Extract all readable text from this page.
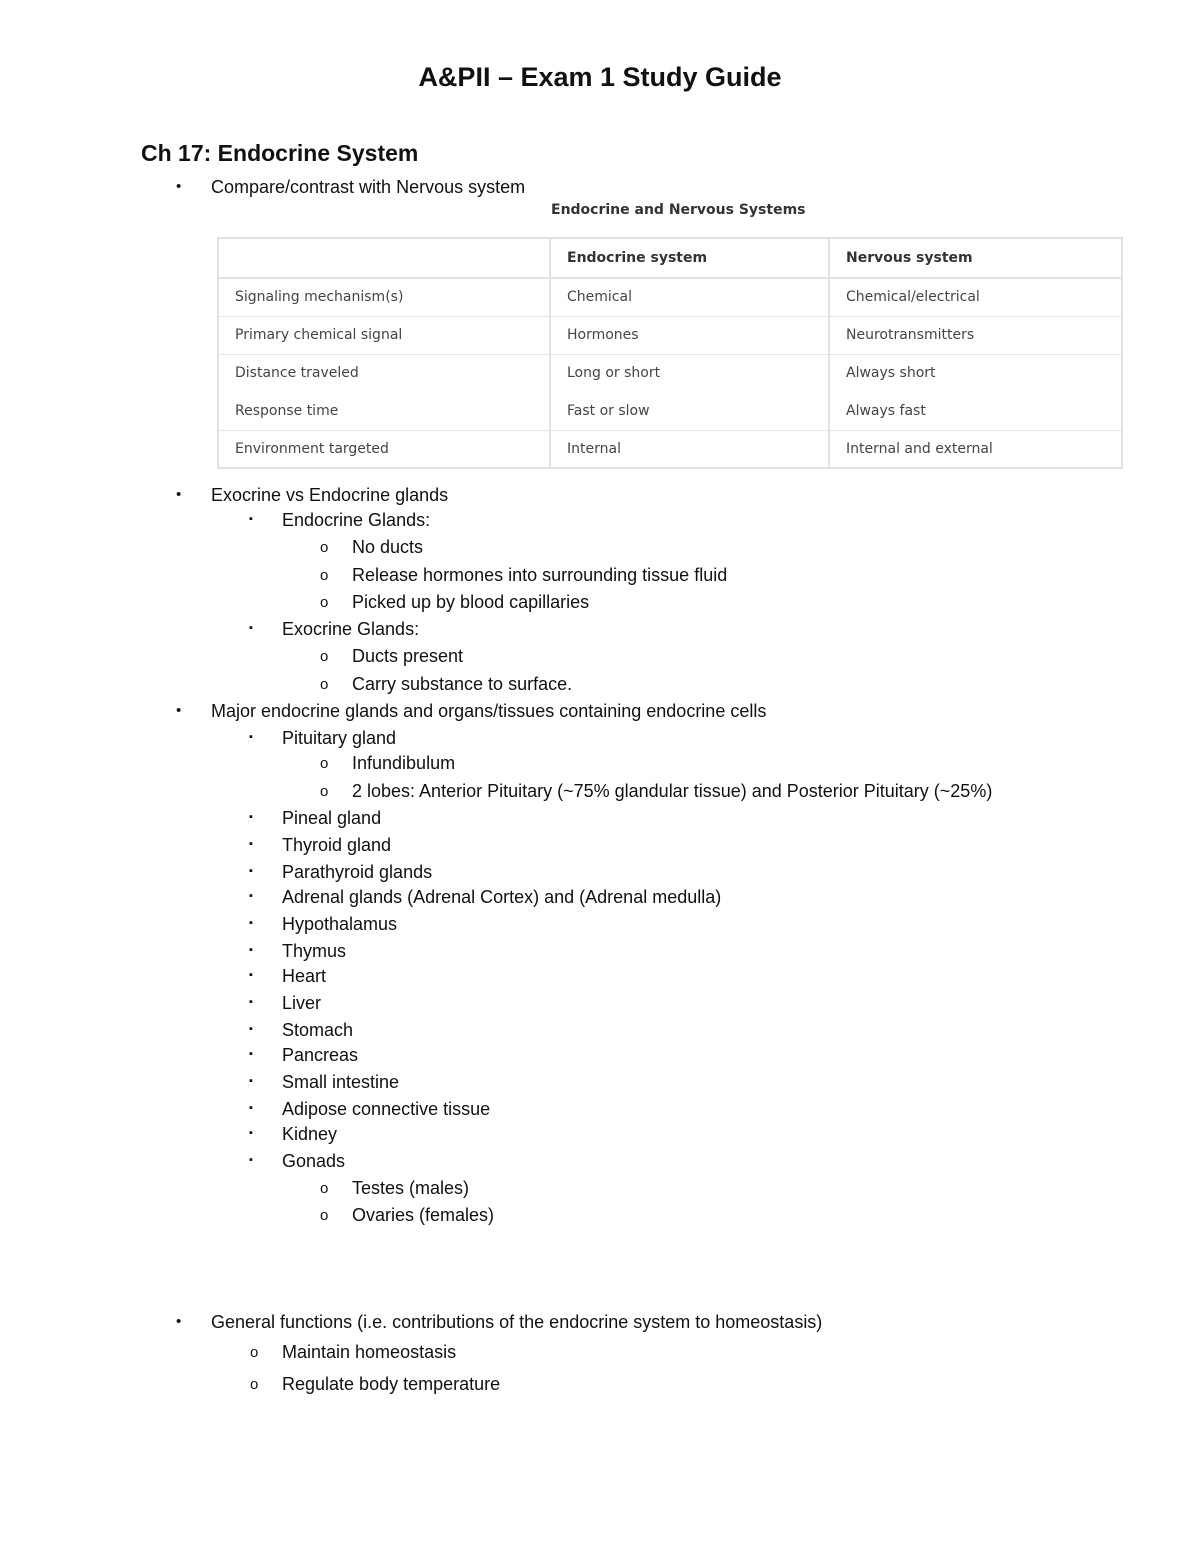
A&PII – Exam 1 Study Guide
Ch 17: Endocrine System
• Compare/contrast with Nervous system
Endocrine and Nervous Systems
	Endocrine system	Nervous system
Signaling mechanism(s)	Chemical	Chemical/electrical
Primary chemical signal	Hormones	Neurotransmitters
Distance traveled	Long or short	Always short
Response time	Fast or slow	Always fast
Environment targeted	Internal	Internal and external
• Exocrine vs Endocrine glands
▪ Endocrine Glands:
o No ducts
o Release hormones into surrounding tissue fluid
o Picked up by blood capillaries
▪ Exocrine Glands:
o Ducts present
o Carry substance to surface.
• Major endocrine glands and organs/tissues containing endocrine cells
▪ Pituitary gland
o Infundibulum
o 2 lobes: Anterior Pituitary (~75% glandular tissue) and Posterior Pituitary (~25%)
▪ Pineal gland
▪ Thyroid gland
▪ Parathyroid glands
▪ Adrenal glands (Adrenal Cortex) and (Adrenal medulla)
▪ Hypothalamus
▪ Thymus
▪ Heart
▪ Liver
▪ Stomach
▪ Pancreas
▪ Small intestine
▪ Adipose connective tissue
▪ Kidney
▪ Gonads
o Testes (males)
o Ovaries (females)
• General functions (i.e. contributions of the endocrine system to homeostasis)
o Maintain homeostasis
o Regulate body temperature
